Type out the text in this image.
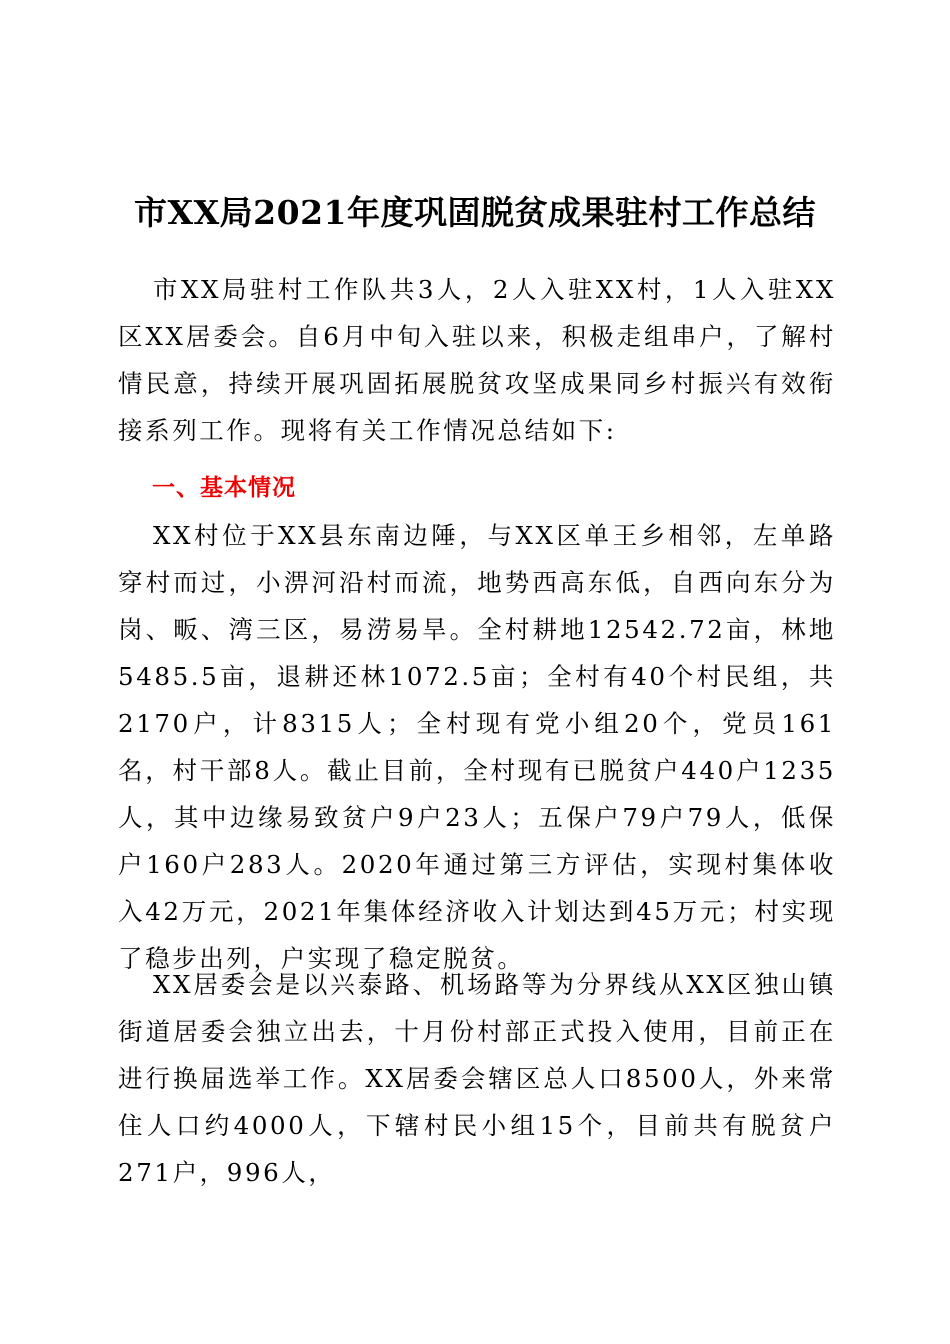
市XX局2021年度巩固脱贫成果驻村工作总结

市XX局驻村工作队共3人，2人入驻XX村，1人入驻XX区XX居委会。自6月中旬入驻以来，积极走组串户，了解村情民意，持续开展巩固拓展脱贫攻坚成果同乡村振兴有效衔接系列工作。现将有关工作情况总结如下:

一、基本情况

XX村位于XX县东南边陲，与XX区单王乡相邻，左单路穿村而过，小淠河沿村而流，地势西高东低，自西向东分为岗、畈、湾三区，易涝易旱。全村耕地12542.72亩，林地5485.5亩，退耕还林1072.5亩；全村有40个村民组，共2170户，计8315人；全村现有党小组20个，党员161名，村干部8人。截止目前，全村现有已脱贫户440户1235人，其中边缘易致贫户9户23人；五保户79户79人，低保户160户283人。2020年通过第三方评估，实现村集体收入42万元，2021年集体经济收入计划达到45万元；村实现了稳步出列，户实现了稳定脱贫。

XX居委会是以兴泰路、机场路等为分界线从XX区独山镇街道居委会独立出去，十月份村部正式投入使用，目前正在进行换届选举工作。XX居委会辖区总人口8500人，外来常住人口约4000人，下辖村民小组15个，目前共有脱贫户271户，996人，
